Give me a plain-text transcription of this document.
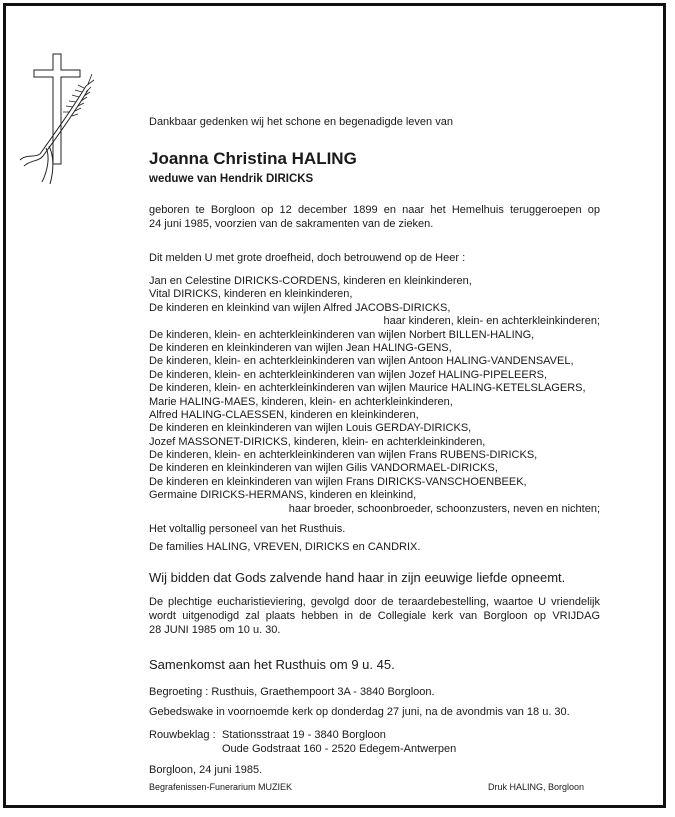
Dankbaar gedenken wij het schone en begenadigde leven van

Joanna Christina HALING

weduwe van Hendrik DIRICKS

geboren te Borgloon op 12 december 1899 en naar het Hemelhuis teruggeroepen op

24 juni 1985, voorzien van de sakramenten van de zieken.

Dit melden U met grote droefheid, doch betrouwend op de Heer :

Jan en Celestine DIRICKS-CORDENS, kinderen en kleinkinderen,
Vital DIRICKS, kinderen en kleinkinderen,
De kinderen en kleinkind van wijlen Alfred JACOBS-DIRICKS,
haar kinderen, klein- en achterkleinkinderen;
De kinderen, klein- en achterkleinkinderen van wijlen Norbert BILLEN-HALING,
De kinderen en kleinkinderen van wijlen Jean HALING-GENS,
De kinderen, klein- en achterkleinkinderen van wijlen Antoon HALING-VANDENSAVEL,
De kinderen, klein- en achterkleinkinderen van wijlen Jozef HALING-PIPELEERS,
De kinderen, klein- en achterkleinkinderen van wijlen Maurice HALING-KETELSLAGERS,
Marie HALING-MAES, kinderen, klein- en achterkleinkinderen,
Alfred HALING-CLAESSEN, kinderen en kleinkinderen,
De kinderen en kleinkinderen van wijlen Louis GERDAY-DIRICKS,
Jozef MASSONET-DIRICKS, kinderen, klein- en achterkleinkinderen,
De kinderen, klein- en achterkleinkinderen van wijlen Frans RUBENS-DIRICKS,
De kinderen en kleinkinderen van wijlen Gilis VANDORMAEL-DIRICKS,
De kinderen en kleinkinderen van wijlen Frans DIRICKS-VANSCHOENBEEK,
Germaine DIRICKS-HERMANS, kinderen en kleinkind,
haar broeder, schoonbroeder, schoonzusters, neven en nichten;

Het voltallig personeel van het Rusthuis.

De families HALING, VREVEN, DIRICKS en CANDRIX.

Wij bidden dat Gods zalvende hand haar in zijn eeuwige liefde opneemt.

De plechtige eucharistieviering, gevolgd door de teraardebestelling, waartoe U vriendelijk

wordt uitgenodigd zal plaats hebben in de Collegiale kerk van Borgloon op VRIJDAG

28 JUNI 1985 om 10 u. 30.

Samenkomst aan het Rusthuis om 9 u. 45.

Begroeting : Rusthuis, Graethempoort 3A - 3840 Borgloon.

Gebedswake in voornoemde kerk op donderdag 27 juni, na de avondmis van 18 u. 30.

Rouwbeklag : Stationsstraat 19 - 3840 Borgloon

Oude Godstraat 160 - 2520 Edegem-Antwerpen

Borgloon, 24 juni 1985.

Begrafenissen-Funerarium MUZIEK	Druk HALING, Borgloon
